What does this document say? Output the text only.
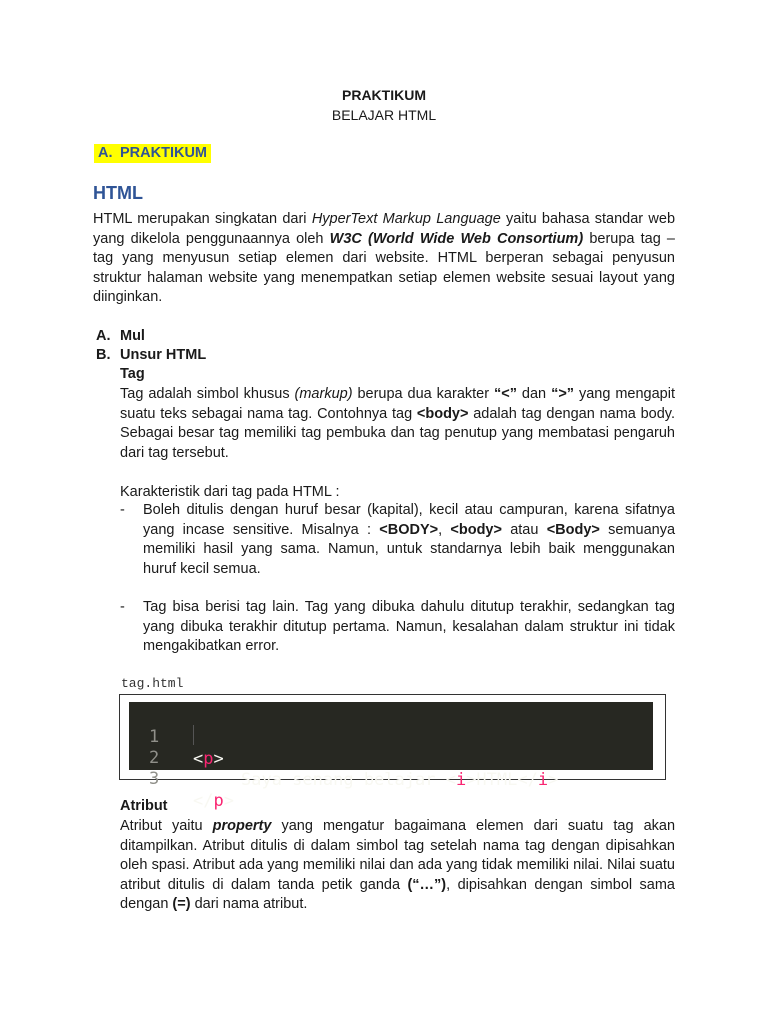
PRAKTIKUM
BELAJAR HTML
A. PRAKTIKUM
HTML

HTML merupakan singkatan dari HyperText Markup Language yaitu bahasa standar web yang dikelola penggunaannya oleh W3C (World Wide Web Consortium) berupa tag – tag yang menyusun setiap elemen dari website. HTML berperan sebagai penyusun struktur halaman website yang menempatkan setiap elemen website sesuai layout yang diinginkan.

A. Mul
B. Unsur HTML
Tag

Tag adalah simbol khusus (markup) berupa dua karakter “<” dan “>” yang mengapit suatu teks sebagai nama tag. Contohnya tag <body> adalah tag dengan nama body. Sebagai besar tag memiliki tag pembuka dan tag penutup yang membatasi pengaruh dari tag tersebut.

Karakteristik dari tag pada HTML :
- Boleh ditulis dengan huruf besar (kapital), kecil atau campuran, karena sifatnya yang incase sensitive. Misalnya : <BODY>, <body> atau <Body> semuanya memiliki hasil yang sama. Namun, untuk standarnya lebih baik menggunakan huruf kecil semua.

- Tag bisa berisi tag lain. Tag yang dibuka dahulu ditutup terakhir, sedangkan tag yang dibuka terakhir ditutup pertama. Namun, kesalahan dalam struktur ini tidak mengakibatkan error.

tag.html

1

<p>

2

Saya senang belajar <i>HTML</i>

3

</p>

Atribut

Atribut yaitu property yang mengatur bagaimana elemen dari suatu tag akan ditampilkan. Atribut ditulis di dalam simbol tag setelah nama tag dengan dipisahkan oleh spasi. Atribut ada yang memiliki nilai dan ada yang tidak memiliki nilai. Nilai suatu atribut ditulis di dalam tanda petik ganda (“…”), dipisahkan dengan simbol sama dengan (=) dari nama atribut.
